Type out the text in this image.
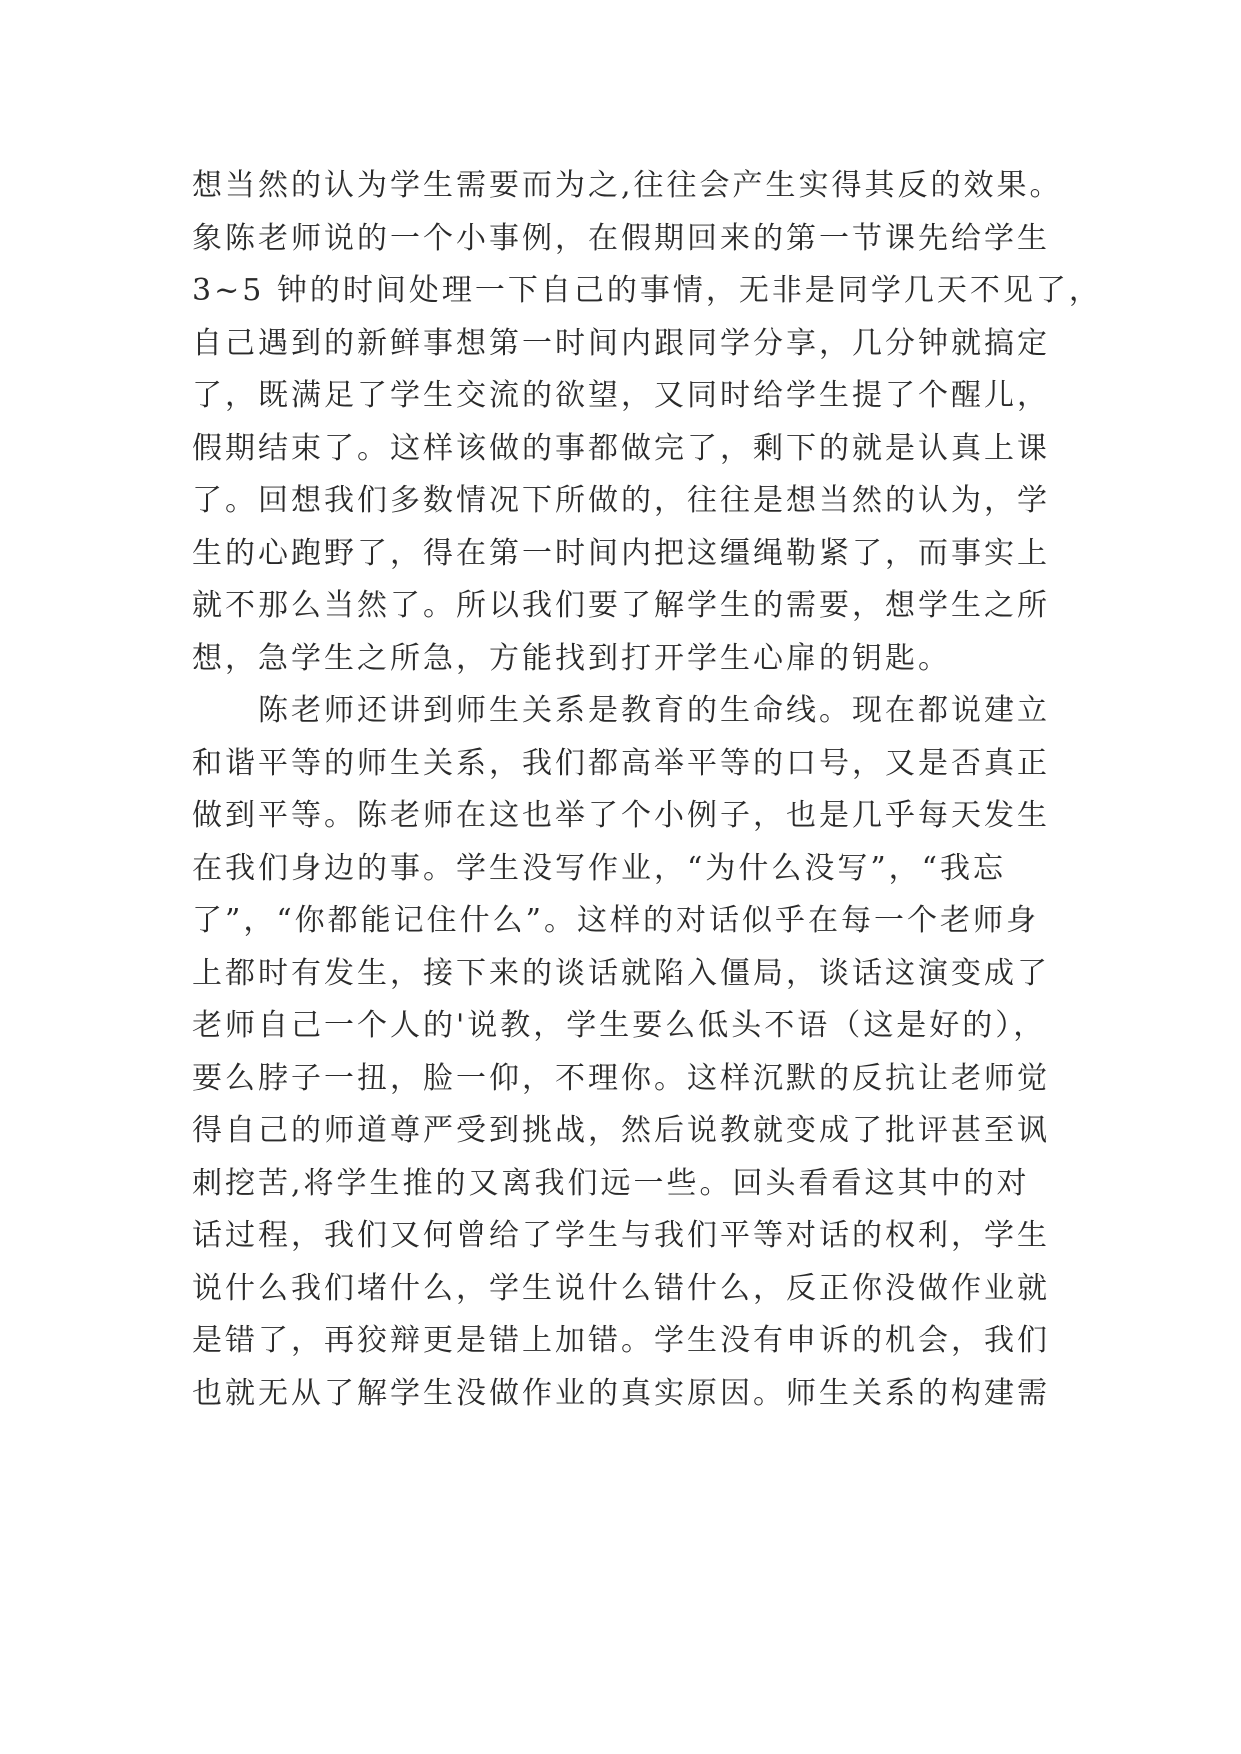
想当然的认为学生需要而为之,往往会产生实得其反的效果。
象陈老师说的一个小事例，在假期回来的第一节课先给学生
3~5 钟的时间处理一下自己的事情，无非是同学几天不见了，
自己遇到的新鲜事想第一时间内跟同学分享，几分钟就搞定
了，既满足了学生交流的欲望，又同时给学生提了个醒儿，
假期结束了。这样该做的事都做完了，剩下的就是认真上课
了。回想我们多数情况下所做的，往往是想当然的认为，学
生的心跑野了，得在第一时间内把这缰绳勒紧了，而事实上
就不那么当然了。所以我们要了解学生的需要，想学生之所
想，急学生之所急，方能找到打开学生心扉的钥匙。
　　陈老师还讲到师生关系是教育的生命线。现在都说建立
和谐平等的师生关系，我们都高举平等的口号，又是否真正
做到平等。陈老师在这也举了个小例子，也是几乎每天发生
在我们身边的事。学生没写作业，“为什么没写”，“我忘
了”，“你都能记住什么”。这样的对话似乎在每一个老师身
上都时有发生，接下来的谈话就陷入僵局，谈话这演变成了
老师自己一个人的'说教，学生要么低头不语（这是好的），
要么脖子一扭，脸一仰，不理你。这样沉默的反抗让老师觉
得自己的师道尊严受到挑战，然后说教就变成了批评甚至讽
刺挖苦,将学生推的又离我们远一些。回头看看这其中的对
话过程，我们又何曾给了学生与我们平等对话的权利，学生
说什么我们堵什么，学生说什么错什么，反正你没做作业就
是错了，再狡辩更是错上加错。学生没有申诉的机会，我们
也就无从了解学生没做作业的真实原因。师生关系的构建需
